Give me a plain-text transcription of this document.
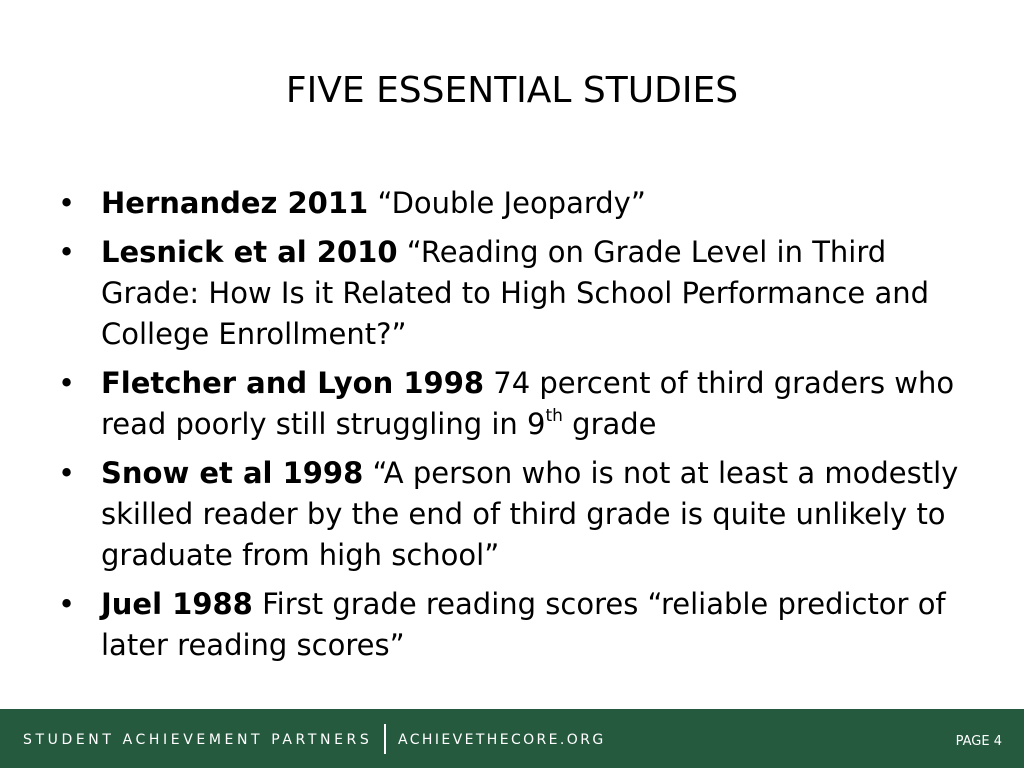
FIVE ESSENTIAL STUDIES
• Hernandez 2011 “Double Jeopardy”
• Lesnick et al 2010 “Reading on Grade Level in Third Grade: How Is it Related to High School Performance and College Enrollment?”
• Fletcher and Lyon 1998 74 percent of third graders who read poorly still struggling in 9th grade
• Snow et al 1998 “A person who is not at least a modestly skilled reader by the end of third grade is quite unlikely to graduate from high school”
• Juel 1988 First grade reading scores “reliable predictor of later reading scores”
STUDENT ACHIEVEMENT PARTNERS ACHIEVETHECORE.ORG	PAGE 4
